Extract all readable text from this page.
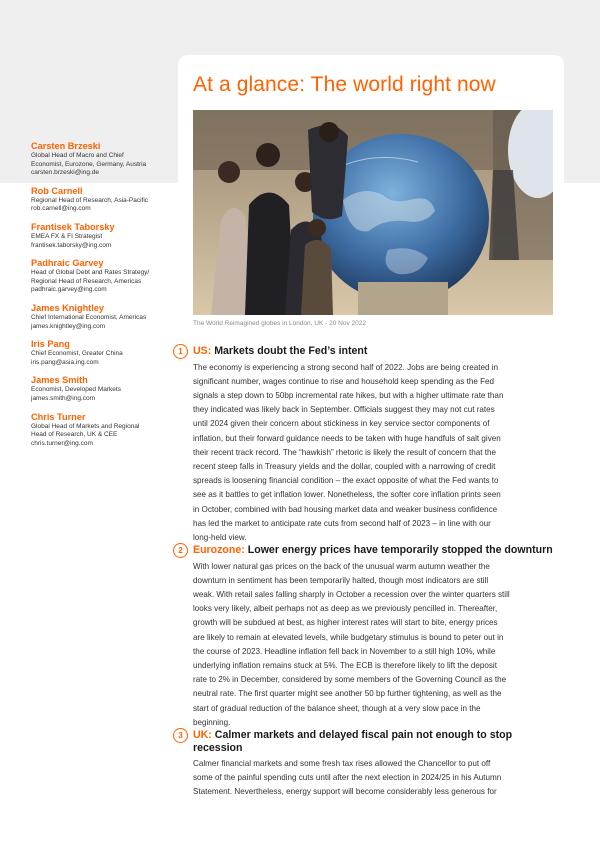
At a glance: The world right now
The World Reimagined globes in London, UK - 20 Nov 2022
Carsten Brzeski
Global Head of Macro and Chief
Economist, Eurozone, Germany, Austria
carsten.brzeski@ing.de
Rob Carnell
Regional Head of Research, Asia-Pacific
rob.carnell@ing.com
Frantisek Taborsky
EMEA FX & FI Strategist
frantisek.taborsky@ing.com
Padhraic Garvey
Head of Global Debt and Rates Strategy/
Regional Head of Research, Americas
padhraic.garvey@ing.com
James Knightley
Chief International Economist, Americas
james.knightley@ing.com
Iris Pang
Chief Economist, Greater China
iris.pang@asia.ing.com
James Smith
Economist, Developed Markets
james.smith@ing.com
Chris Turner
Global Head of Markets and Regional
Head of Research, UK & CEE
chris.turner@ing.com
1 US: Markets doubt the Fed’s intent
The economy is experiencing a strong second half of 2022. Jobs are being created in
significant number, wages continue to rise and household keep spending as the Fed
signals a step down to 50bp incremental rate hikes, but with a higher ultimate rate than
they indicated was likely back in September. Officials suggest they may not cut rates
until 2024 given their concern about stickiness in key service sector components of
inflation, but their forward guidance needs to be taken with huge handfuls of salt given
their recent track record. The “hawkish” rhetoric is likely the result of concern that the
recent steep falls in Treasury yields and the dollar, coupled with a narrowing of credit
spreads is loosening financial condition – the exact opposite of what the Fed wants to
see as it battles to get inflation lower. Nonetheless, the softer core inflation prints seen
in October, combined with bad housing market data and weaker business confidence
has led the market to anticipate rate cuts from second half of 2023 – in line with our
long-held view.
2 Eurozone: Lower energy prices have temporarily stopped the downturn
With lower natural gas prices on the back of the unusual warm autumn weather the
downturn in sentiment has been temporarily halted, though most indicators are still
weak. With retail sales falling sharply in October a recession over the winter quarters still
looks very likely, albeit perhaps not as deep as we previously pencilled in. Thereafter,
growth will be subdued at best, as higher interest rates will start to bite, energy prices
are likely to remain at elevated levels, while budgetary stimulus is bound to peter out in
the course of 2023. Headline inflation fell back in November to a still high 10%, while
underlying inflation remains stuck at 5%. The ECB is therefore likely to lift the deposit
rate to 2% in December, considered by some members of the Governing Council as the
neutral rate. The first quarter might see another 50 bp further tightening, as well as the
start of gradual reduction of the balance sheet, though at a very slow pace in the
beginning.
3 UK: Calmer markets and delayed fiscal pain not enough to stop
recession
Calmer financial markets and some fresh tax rises allowed the Chancellor to put off
some of the painful spending cuts until after the next election in 2024/25 in his Autumn
Statement. Nevertheless, energy support will become considerably less generous for
